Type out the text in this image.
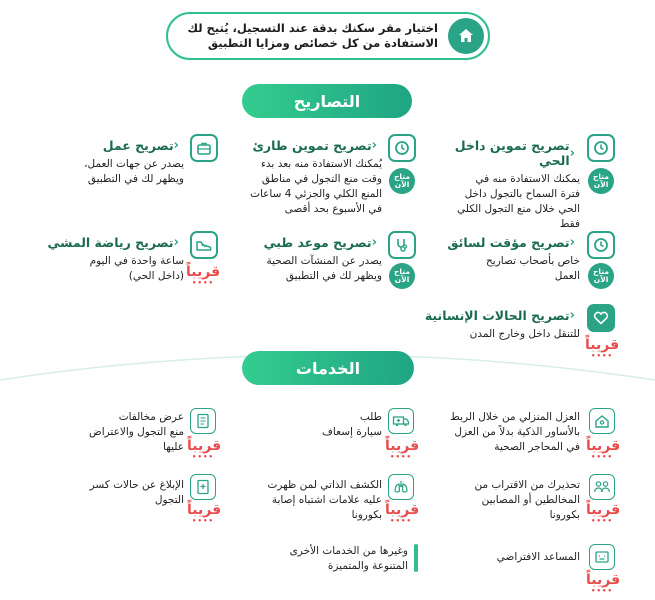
اختيار مقر سكنك بدقة عند التسجيل، يُتيح لك
الاستفادة من كل خصائص ومزايا التطبيق
التصاريح
متاح الآن
‹
تصريح تموين داخل الحي
يمكنك الاستفادة منه في
فترة السماح بالتجول داخل
الحي خلال منع التجول الكلي
فقط
متاح الآن
‹
تصريح تموين طارئ
يُمكنك الاستفادة منه بعد بدء
وقت منع التجول في مناطق
المنع الكلي والجزئي 4 ساعات
في الأسبوع بحد أقصى
‹
تصريح عمل
يصدر عن جهات العمل،
ويظهر لك في التطبيق
متاح الآن
‹
تصريح مؤقت لسائق
خاص بأصحاب تصاريح
العمل
متاح الآن
‹
تصريح موعد طبي
يصدر عن المنشآت الصحية
ويظهر لك في التطبيق
قريباً
••••
‹
تصريح رياضة المشي
ساعة واحدة في اليوم
(داخل الحي)
قريباً
••••
‹
تصريح الحالات الإنسانية
للتنقل داخل وخارج المدن
الخدمات
قريباً
••••
العزل المنزلي من خلال الربط
بالأساور الذكية بدلاً من العزل
في المحاجر الصحية
قريباً
••••
طلب
سيارة إسعاف
قريباً
••••
عرض مخالفات
منع التجول والاعتراض
عليها
قريباً
••••
تحذيرك من الاقتراب من
المخالطين أو المصابين
بكورونا
قريباً
••••
الكشف الذاتي لمن ظهرت
عليه علامات اشتباه إصابة
بكورونا
قريباً
••••
الإبلاغ عن حالات كسر
التجول
قريباً
••••
المساعد الافتراضي
وغيرها من الخدمات الأخرى
المتنوعة والمتميزة
